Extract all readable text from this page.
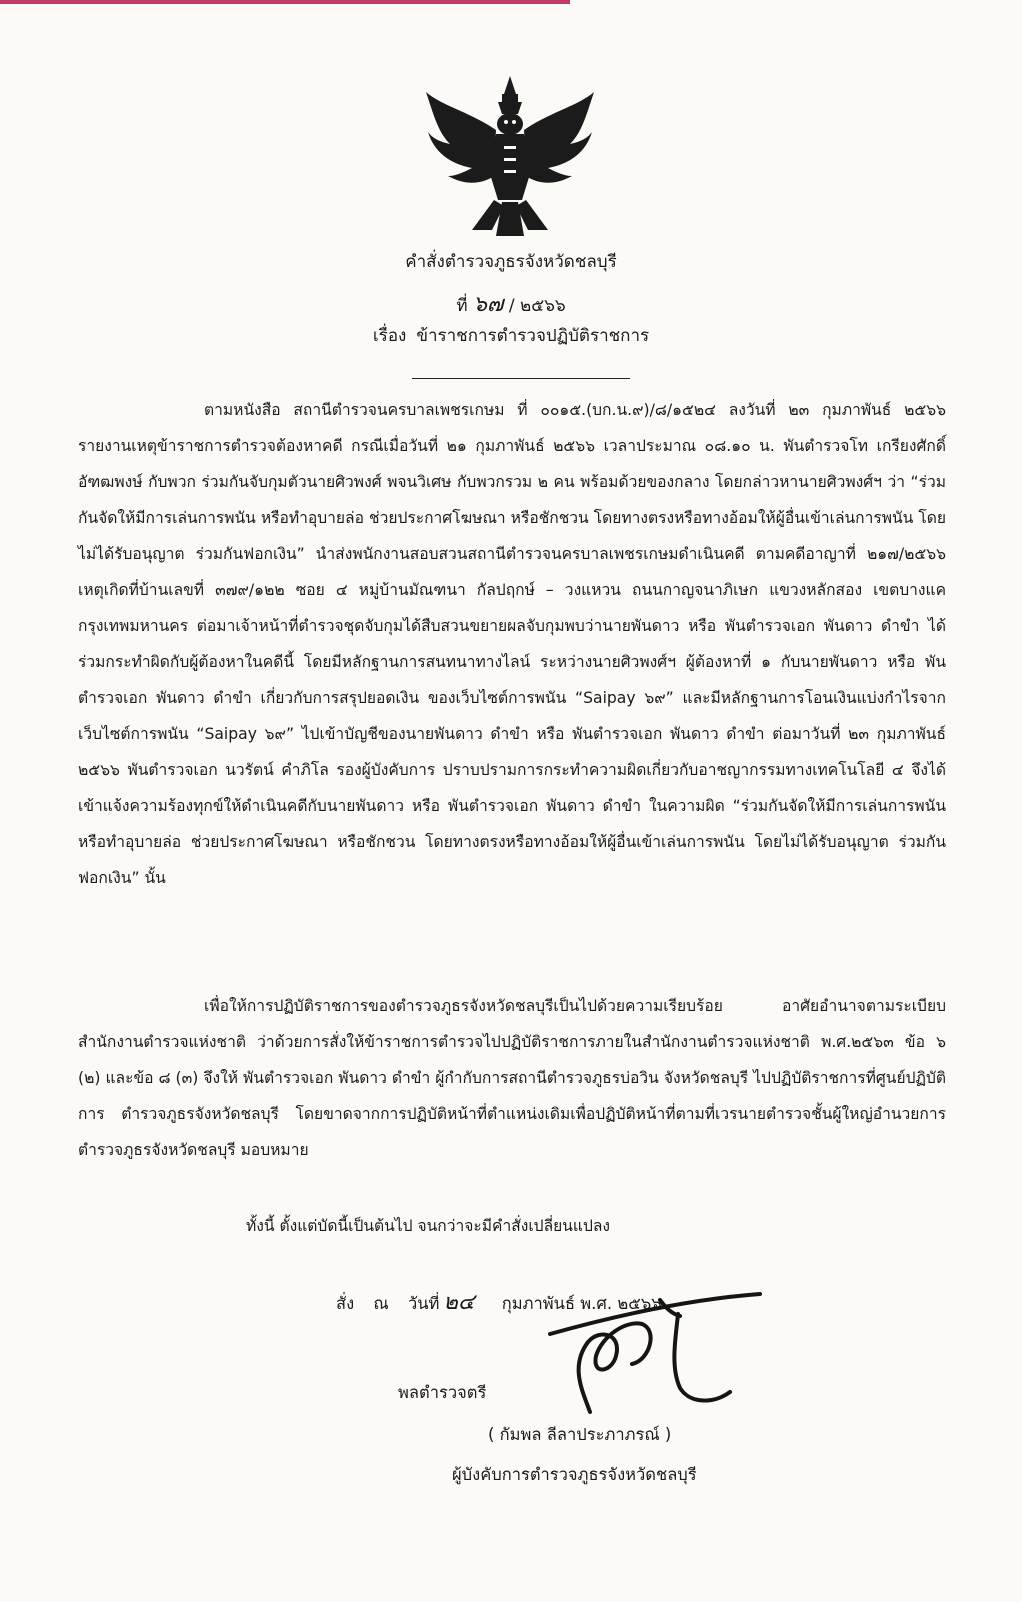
คำสั่งตำรวจภูธรจังหวัดชลบุรี
ที่ ๖๗ / ๒๕๖๖
เรื่อง ข้าราชการตำรวจปฏิบัติราชการ
ตามหนังสือ สถานีตำรวจนครบาลเพชรเกษม ที่ ๐๐๑๕.(บก.น.๙)/๘/๑๕๒๔ ลงวันที่ ๒๓ กุมภาพันธ์ ๒๕๖๖ รายงานเหตุข้าราชการตำรวจต้องหาคดี กรณีเมื่อวันที่ ๒๑ กุมภาพันธ์ ๒๕๖๖ เวลาประมาณ ๐๘.๑๐ น. พันตำรวจโท เกรียงศักดิ์ อัฑฒพงษ์ กับพวก ร่วมกันจับกุมตัวนายศิวพงศ์ พจนวิเศษ กับพวกรวม ๒ คน พร้อมด้วยของกลาง โดยกล่าวหานายศิวพงศ์ฯ ว่า “ร่วมกันจัดให้มีการเล่นการพนัน หรือทำอุบายล่อ ช่วยประกาศโฆษณา หรือชักชวน โดยทางตรงหรือทางอ้อมให้ผู้อื่นเข้าเล่นการพนัน โดยไม่ได้รับอนุญาต ร่วมกันฟอกเงิน” นำส่งพนักงานสอบสวนสถานีตำรวจนครบาลเพชรเกษมดำเนินคดี ตามคดีอาญาที่ ๒๑๗/๒๕๖๖ เหตุเกิดที่บ้านเลขที่ ๓๗๙/๑๒๒ ซอย ๔ หมู่บ้านมัณฑนา กัลปฤกษ์ – วงแหวน ถนนกาญจนาภิเษก แขวงหลักสอง เขตบางแค กรุงเทพมหานคร ต่อมาเจ้าหน้าที่ตำรวจชุดจับกุมได้สืบสวนขยายผลจับกุมพบว่านายพันดาว หรือ พันตำรวจเอก พันดาว ดำขำ ได้ร่วมกระทำผิดกับผู้ต้องหาในคดีนี้ โดยมีหลักฐานการสนทนาทางไลน์ ระหว่างนายศิวพงศ์ฯ ผู้ต้องหาที่ ๑ กับนายพันดาว หรือ พันตำรวจเอก พันดาว ดำขำ เกี่ยวกับการสรุปยอดเงิน ของเว็บไซต์การพนัน “Saipay ๖๙” และมีหลักฐานการโอนเงินแบ่งกำไรจากเว็บไซต์การพนัน “Saipay ๖๙” ไปเข้าบัญชีของนายพันดาว ดำขำ หรือ พันตำรวจเอก พันดาว ดำขำ ต่อมาวันที่ ๒๓ กุมภาพันธ์ ๒๕๖๖ พันตำรวจเอก นวรัตน์ คำภิโล รองผู้บังคับการ ปราบปรามการกระทำความผิดเกี่ยวกับอาชญากรรมทางเทคโนโลยี ๔ จึงได้เข้าแจ้งความร้องทุกข์ให้ดำเนินคดีกับนายพันดาว หรือ พันตำรวจเอก พันดาว ดำขำ ในความผิด “ร่วมกันจัดให้มีการเล่นการพนัน หรือทำอุบายล่อ ช่วยประกาศโฆษณา หรือชักชวน โดยทางตรงหรือทางอ้อมให้ผู้อื่นเข้าเล่นการพนัน โดยไม่ได้รับอนุญาต ร่วมกันฟอกเงิน” นั้น
เพื่อให้การปฏิบัติราชการของตำรวจภูธรจังหวัดชลบุรีเป็นไปด้วยความเรียบร้อย อาศัยอำนาจตามระเบียบสำนักงานตำรวจแห่งชาติ ว่าด้วยการสั่งให้ข้าราชการตำรวจไปปฏิบัติราชการภายในสำนักงานตำรวจแห่งชาติ พ.ศ.๒๕๖๓ ข้อ ๖ (๒) และข้อ ๘ (๓) จึงให้ พันตำรวจเอก พันดาว ดำขำ ผู้กำกับการสถานีตำรวจภูธรบ่อวิน จังหวัดชลบุรี ไปปฏิบัติราชการที่ศูนย์ปฏิบัติการ ตำรวจภูธรจังหวัดชลบุรี โดยขาดจากการปฏิบัติหน้าที่ตำแหน่งเดิมเพื่อปฏิบัติหน้าที่ตามที่เวรนายตำรวจชั้นผู้ใหญ่อำนวยการ ตำรวจภูธรจังหวัดชลบุรี มอบหมาย
ทั้งนี้ ตั้งแต่บัดนี้เป็นต้นไป จนกว่าจะมีคำสั่งเปลี่ยนแปลง
สั่ง ณ วันที่ ๒๔ กุมภาพันธ์ พ.ศ. ๒๕๖๖
พลตำรวจตรี
( กัมพล ลีลาประภาภรณ์ )
ผู้บังคับการตำรวจภูธรจังหวัดชลบุรี
